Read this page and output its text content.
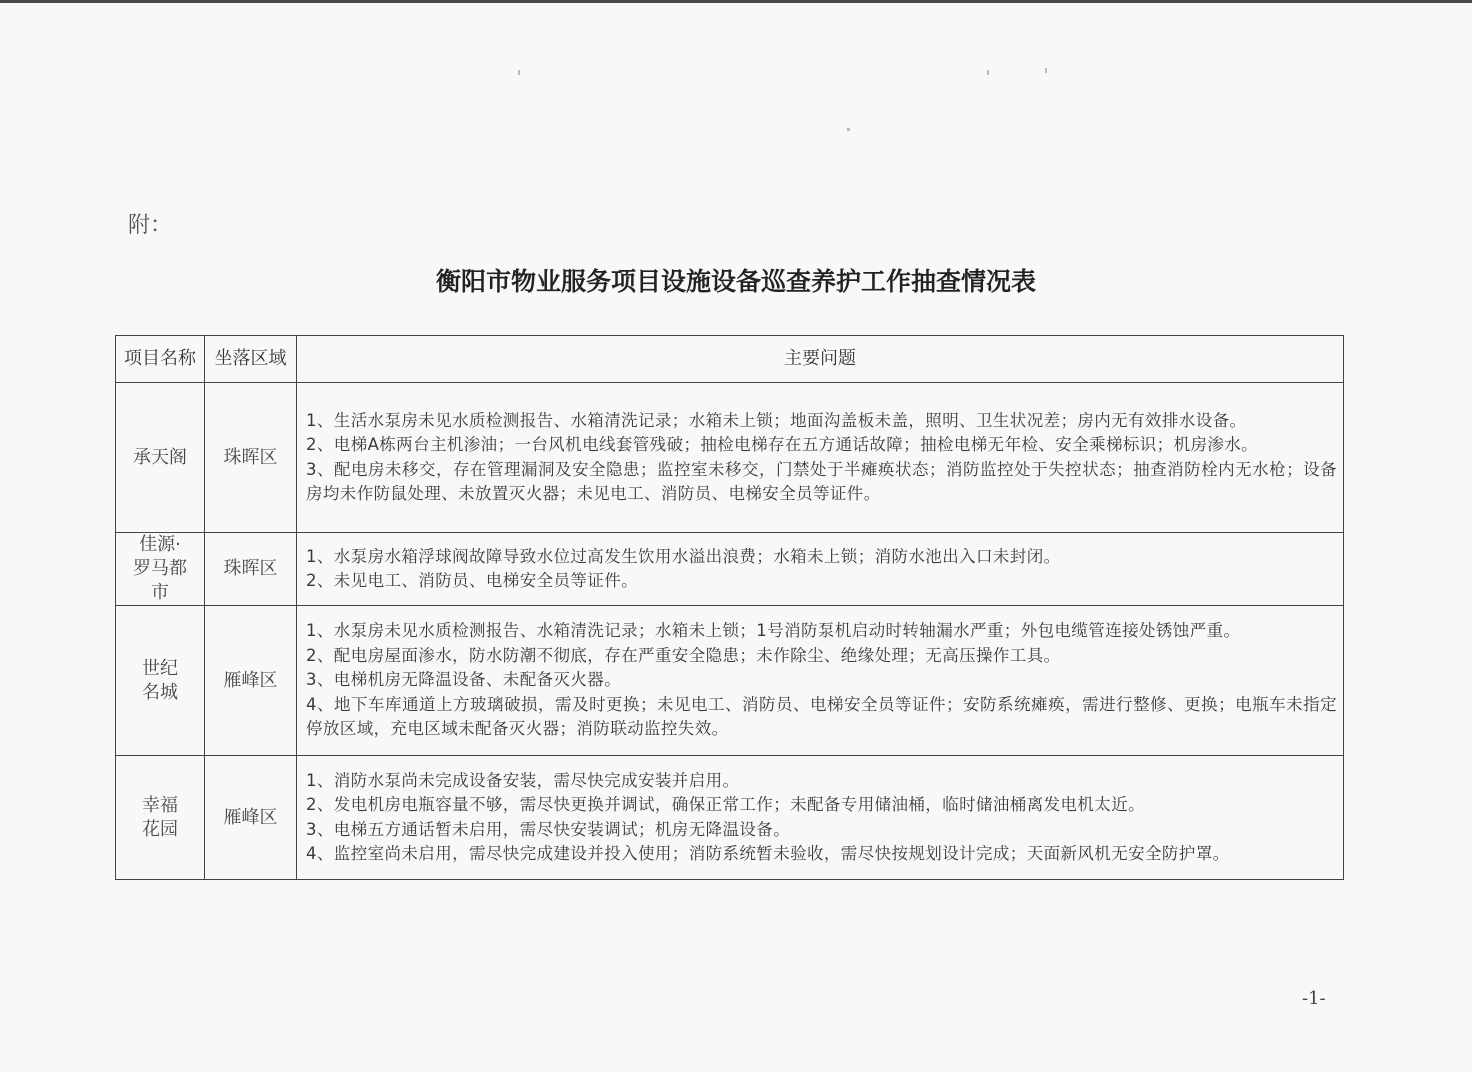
附：
衡阳市物业服务项目设施设备巡查养护工作抽查情况表
项目名称	坐落区域	主要问题
承天阁	珠晖区	1、生活水泵房未见水质检测报告、水箱清洗记录；水箱未上锁；地面沟盖板未盖，照明、卫生状况差；房内无有效排水设备。

2、电梯A栋两台主机渗油；一台风机电线套管残破；抽检电梯存在五方通话故障；抽检电梯无年检、安全乘梯标识；机房渗水。

3、配电房未移交，存在管理漏洞及安全隐患；监控室未移交，门禁处于半瘫痪状态；消防监控处于失控状态；抽查消防栓内无水枪；设备房均未作防鼠处理、未放置灭火器；未见电工、消防员、电梯安全员等证件。

佳源·罗马都市	珠晖区	1、水泵房水箱浮球阀故障导致水位过高发生饮用水溢出浪费；水箱未上锁；消防水池出入口未封闭。

2、未见电工、消防员、电梯安全员等证件。

世纪名城	雁峰区	1、水泵房未见水质检测报告、水箱清洗记录；水箱未上锁；1号消防泵机启动时转轴漏水严重；外包电缆管连接处锈蚀严重。

2、配电房屋面渗水，防水防潮不彻底，存在严重安全隐患；未作除尘、绝缘处理；无高压操作工具。

3、电梯机房无降温设备、未配备灭火器。

4、地下车库通道上方玻璃破损，需及时更换；未见电工、消防员、电梯安全员等证件；安防系统瘫痪，需进行整修、更换；电瓶车未指定停放区域，充电区域未配备灭火器；消防联动监控失效。

幸福花园	雁峰区	1、消防水泵尚未完成设备安装，需尽快完成安装并启用。

2、发电机房电瓶容量不够，需尽快更换并调试，确保正常工作；未配备专用储油桶，临时储油桶离发电机太近。

3、电梯五方通话暂未启用，需尽快安装调试；机房无降温设备。

4、监控室尚未启用，需尽快完成建设并投入使用；消防系统暂未验收，需尽快按规划设计完成；天面新风机无安全防护罩。

-1-
